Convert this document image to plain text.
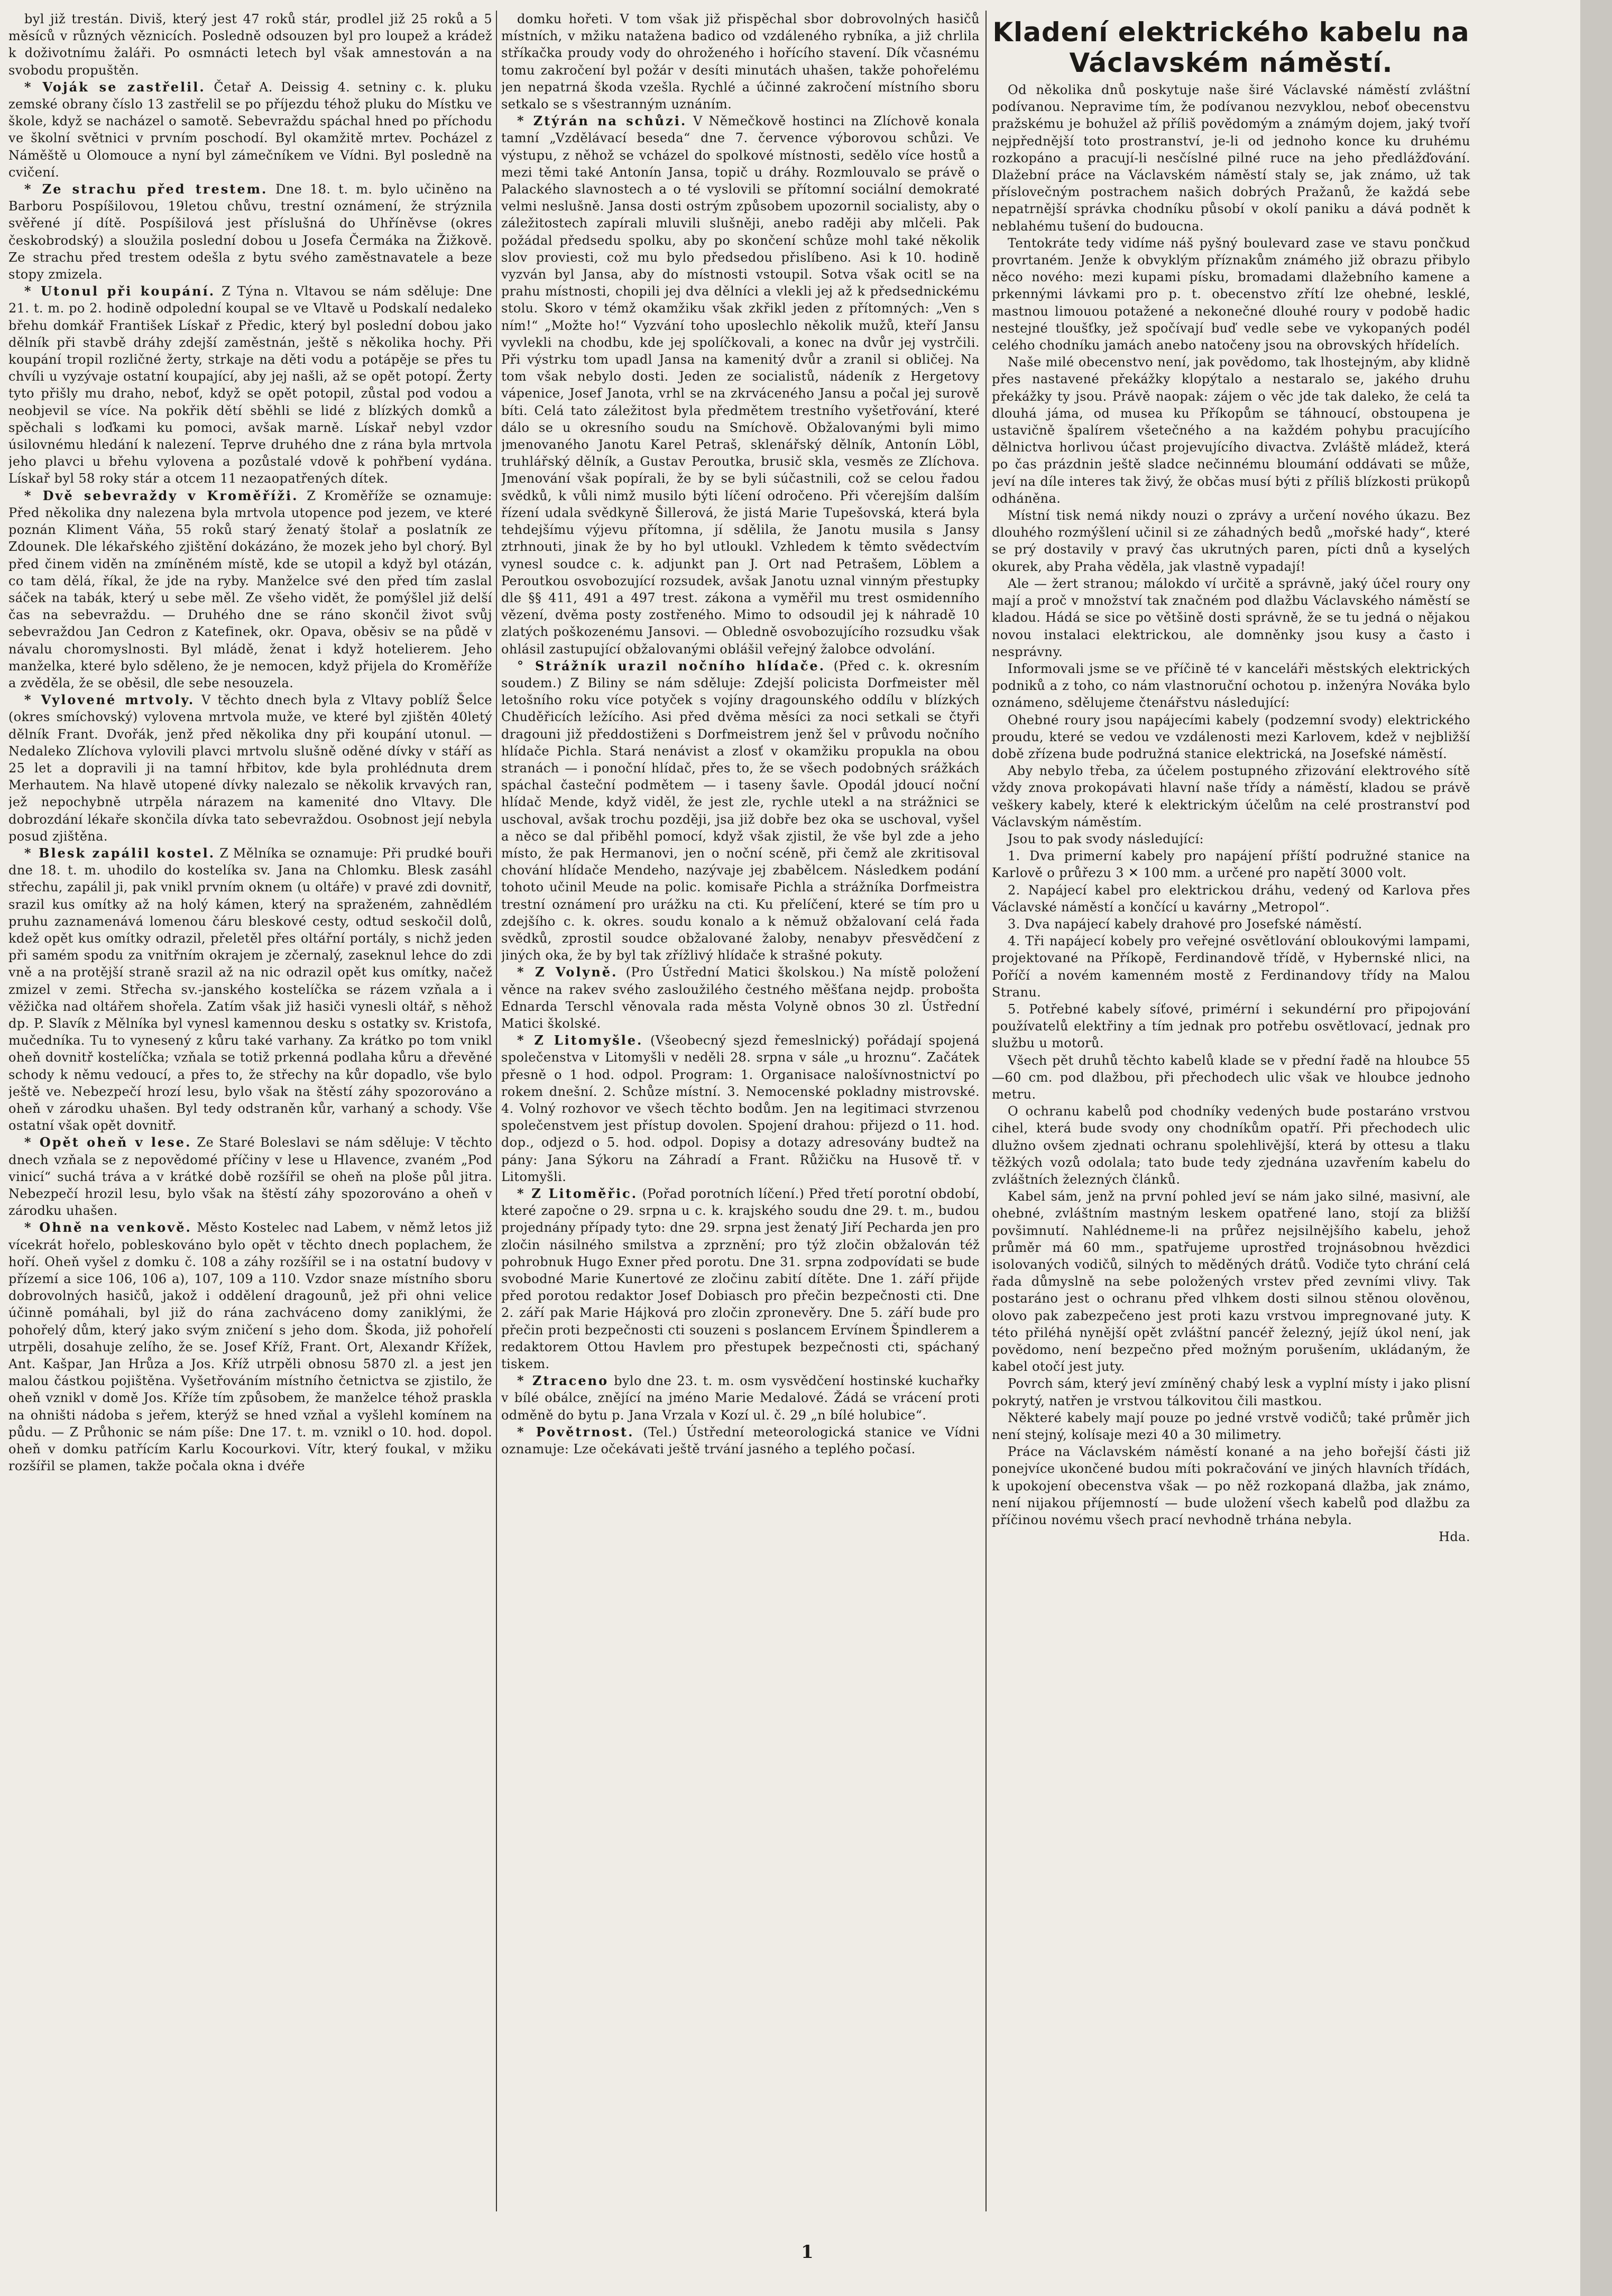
byl již trestán. Diviš, který jest 47 roků stár, prodlel již 25 roků a 5 měsíců v různých věznicích. Posledně odsouzen byl pro loupež a krádež k doživotnímu žaláři. Po osmnácti letech byl však amnestován a na svobodu propuštěn.

* Voják se zastřelil. Četař A. Deissig 4. setniny c. k. pluku zemské obrany číslo 13 zastřelil se po příjezdu téhož pluku do Místku ve škole, když se nacházel o samotě. Sebevraždu spáchal hned po příchodu ve školní světnici v prvním poschodí. Byl okamžitě mrtev. Pocházel z Náměště u Olomouce a nyní byl zámečníkem ve Vídni. Byl posledně na cvičení.

* Ze strachu před trestem. Dne 18. t. m. bylo učiněno na Barboru Pospíšilovou, 19letou chůvu, trestní oznámení, že strýznila svěřené jí dítě. Pospíšilová jest příslušná do Uhříněvse (okres českobrodský) a sloužila poslední dobou u Josefa Čermáka na Žižkově. Ze strachu před trestem odešla z bytu svého zaměstnavatele a beze stopy zmizela.

* Utonul při koupání. Z Týna n. Vltavou se nám sděluje: Dne 21. t. m. po 2. hodině odpolední koupal se ve Vltavě u Podskalí nedaleko břehu domkář František Lískař z Předic, který byl poslední dobou jako dělník při stavbě dráhy zdejší zaměstnán, ještě s několika hochy. Při koupání tropil rozličné žerty, strkaje na děti vodu a potápěje se přes tu chvíli u vyzývaje ostatní koupající, aby jej našli, až se opět potopí. Žerty tyto přišly mu draho, neboť, když se opět potopil, zůstal pod vodou a neobjevil se více. Na pokřik dětí sběhli se lidé z blízkých domků a spěchali s loďkami ku pomoci, avšak marně. Lískař nebyl vzdor úsilovnému hledání k nalezení. Teprve druhého dne z rána byla mrtvola jeho plavci u břehu vylovena a pozůstalé vdově k pohřbení vydána. Lískař byl 58 roky stár a otcem 11 nezaopatřených dítek.

* Dvě sebevraždy v Kroměříži. Z Kroměříže se oznamuje: Před několika dny nalezena byla mrtvola utopence pod jezem, ve které poznán Kliment Váňa, 55 roků starý ženatý štolař a poslatník ze Zdounek. Dle lékařského zjištění dokázáno, že mozek jeho byl chorý. Byl před činem viděn na zmíněném místě, kde se utopil a když byl otázán, co tam dělá, říkal, že jde na ryby. Manželce své den před tím zaslal sáček na tabák, který u sebe měl. Ze všeho vidět, že pomýšlel již delší čas na sebevraždu. — Druhého dne se ráno skončil život svůj sebevraždou Jan Cedron z Katefinek, okr. Opava, oběsiv se na půdě v návalu choromyslnosti. Byl mládě, ženat i když hotelierem. Jeho manželka, které bylo sděleno, že je nemocen, když přijela do Kroměříže a zvěděla, že se oběsil, dle sebe nesouzela.

* Vylovené mrtvoly. V těchto dnech byla z Vltavy poblíž Šelce (okres smíchovský) vylovena mrtvola muže, ve které byl zjištěn 40letý dělník Frant. Dvořák, jenž před několika dny při koupání utonul. — Nedaleko Zlíchova vylovili plavci mrtvolu slušně oděné dívky v stáří as 25 let a dopravili ji na tamní hřbitov, kde byla prohlédnuta drem Merhautem. Na hlavě utopené dívky nalezalo se několik krvavých ran, jež nepochybně utrpěla nárazem na kamenité dno Vltavy. Dle dobrozdání lékaře skončila dívka tato sebevraždou. Osobnost její nebyla posud zjištěna.

* Blesk zapálil kostel. Z Mělníka se oznamuje: Při prudké bouři dne 18. t. m. uhodilo do kostelíka sv. Jana na Chlomku. Blesk zasáhl střechu, zapálil ji, pak vnikl prvním oknem (u oltáře) v pravé zdi dovnitř, srazil kus omítky až na holý kámen, který na spraženém, zahnědlém pruhu zaznamenává lomenou čáru bleskové cesty, odtud seskočil dolů, kdež opět kus omítky odrazil, přeletěl přes oltářní portály, s nichž jeden při samém spodu za vnitřním okrajem je zčernalý, zaseknul lehce do zdi vně a na protější straně srazil až na nic odrazil opět kus omítky, načež zmizel v zemi. Střecha sv.-janského kostelíčka se rázem vzňala a i věžička nad oltářem shořela. Zatím však již hasiči vynesli oltář, s něhož dp. P. Slavík z Mělníka byl vynesl kamennou desku s ostatky sv. Kristofa, mučedníka. Tu to vynesený z kůru také varhany. Za krátko po tom vnikl oheň dovnitř kostelíčka; vzňala se totiž prkenná podlaha kůru a dřevěné schody k němu vedoucí, a přes to, že střechy na kůr dopadlo, vše bylo ještě ve. Nebezpečí hrozí lesu, bylo však na štěstí záhy spozorováno a oheň v zárodku uhašen. Byl tedy odstraněn kůr, varhaný a schody. Vše ostatní však opět dovnitř.

* Opět oheň v lese. Ze Staré Boleslavi se nám sděluje: V těchto dnech vzňala se z nepovědomé příčiny v lese u Hlavence, zvaném „Pod vinicí“ suchá tráva a v krátké době rozšířil se oheň na ploše půl jitra. Nebezpečí hrozil lesu, bylo však na štěstí záhy spozorováno a oheň v zárodku uhašen.

* Ohně na venkově. Město Kostelec nad Labem, v němž letos již vícekrát hořelo, pobleskováno bylo opět v těchto dnech poplachem, že hoří. Oheň vyšel z domku č. 108 a záhy rozšířil se i na ostatní budovy v přízemí a sice 106, 106 a), 107, 109 a 110. Vzdor snaze místního sboru dobrovolných hasičů, jakož i oddělení dragounů, jež při ohni velice účinně pomáhali, byl již do rána zachváceno domy zaniklými, že pohořelý dům, který jako svým zničení s jeho dom. Škoda, již pohořelí utrpěli, dosahuje zelího, že se. Josef Kříž, Frant. Ort, Alexandr Křížek, Ant. Kašpar, Jan Hrůza a Jos. Kříž utrpěli obnosu 5870 zl. a jest jen malou částkou pojištěna. Vyšetřováním místního četnictva se zjistilo, že oheň vznikl v domě Jos. Kříže tím způsobem, že manželce téhož praskla na ohništi nádoba s jeřem, kterýž se hned vzňal a vyšlehl komínem na půdu. — Z Průhonic se nám píše: Dne 17. t. m. vznikl o 10. hod. dopol. oheň v domku patřícím Karlu Kocourkovi. Vítr, který foukal, v mžiku rozšířil se plamen, takže počala okna i dvéře

domku hořeti. V tom však již přispěchal sbor dobrovolných hasičů místních, v mžiku natažena badico od vzdáleného rybníka, a již chrlila stříkačka proudy vody do ohroženého i hořícího stavení. Dík včasnému tomu zakročení byl požár v desíti minutách uhašen, takže pohořelému jen nepatrná škoda vzešla. Rychlé a účinné zakročení místního sboru setkalo se s všestranným uznáním.

* Ztýrán na schůzi. V Němečkově hostinci na Zlíchově konala tamní „Vzdělávací beseda“ dne 7. července výborovou schůzi. Ve výstupu, z něhož se vcházel do spolkové místnosti, sedělo více hostů a mezi těmi také Antonín Jansa, topič u dráhy. Rozmlouvalo se právě o Palackého slavnostech a o té vyslovili se přítomní sociální demokraté velmi neslušně. Jansa dosti ostrým způsobem upozornil socialisty, aby o záležitostech zapírali mluvili slušněji, anebo raději aby mlčeli. Pak požádal předsedu spolku, aby po skončení schůze mohl také několik slov proviesti, což mu bylo předsedou přislíbeno. Asi k 10. hodině vyzván byl Jansa, aby do místnosti vstoupil. Sotva však ocitl se na prahu místnosti, chopili jej dva dělníci a vlekli jej až k předsednickému stolu. Skoro v témž okamžiku však zkřikl jeden z přítomných: „Ven s ním!“ „Možte ho!“ Vyzvání toho uposlechlo několik mužů, kteří Jansu vyvlekli na chodbu, kde jej spolíčkovali, a konec na dvůr jej vystrčili. Při výstrku tom upadl Jansa na kamenitý dvůr a zranil si obličej. Na tom však nebylo dosti. Jeden ze socialistů, nádeník z Hergetovy vápenice, Josef Janota, vrhl se na zkrváceného Jansu a počal jej surově bíti. Celá tato záležitost byla předmětem trestního vyšetřování, které dálo se u okresního soudu na Smíchově. Obžalovanými byli mimo jmenovaného Janotu Karel Petrаš, sklenářský dělník, Antonín Löbl, truhlářský dělník, a Gustav Peroutka, brusič skla, vesměs ze Zlíchova. Jmenování však popírali, že by se byli súčastnili, což se celou řadou svědků, k vůli nimž musilo býti líčení odročeno. Při včerejším dalším řízení udala svědkyně Šillerová, že jistá Marie Tupešovská, která byla tehdejšímu výjevu přítomna, jí sdělila, že Janotu musila s Jansy ztrhnouti, jinak že by ho byl utloukl. Vzhledem k těmto svědectvím vynesl soudce c. k. adjunkt pan J. Ort nad Petrašem, Löblem a Peroutkou osvobozující rozsudek, avšak Janotu uznal vinným přestupky dle §§ 411, 491 a 497 trest. zákona a vyměřil mu trest osmidenního vězení, dvěma posty zostřeného. Mimo to odsoudil jej k náhradě 10 zlatých poškozenému Jansovi. — Obledně osvobozujícího rozsudku však ohlásil zastupující obžalovanými oblášil veřejný žalobce odvolání.

° Strážník urazil nočního hlídače. (Před c. k. okresním soudem.) Z Biliny se nám sděluje: Zdejší policista Dorfmeister měl letošního roku více potyček s vojíny dragounského oddílu v blízkých Chuděřicích ležícího. Asi před dvěma měsíci za noci setkali se čtyři dragouni již předdostiženi s Dorfmeistrem jenž šel v průvodu nočního hlídače Pichla. Stará nenávist a zlosť v okamžiku propukla na obou stranách — i ponoční hlídač, přes to, že se všech podobných srážkách spáchal časteční podmětem — i taseny šavle. Opodál jdoucí noční hlídač Mende, když viděl, že jest zle, rychle utekl a na strážnici se uschoval, avšak trochu později, jsa již dobře bez oka se uschoval, vyšel a něco se dal přiběhl pomocí, když však zjistil, že vše byl zde a jeho místo, že pak Hermanovi, jen o noční scéně, při čemž ale zkritisoval chování hlídače Mendeho, nazývaje jej zbabělcem. Následkem podání tohoto učinil Meude na polic. komisaře Pichla a strážníka Dorfmeistra trestní oznámení pro urážku na cti. Ku přelíčení, které se tím pro u zdejšího c. k. okres. soudu konalo a k němuž obžalovaní celá řada svědků, zprostil soudce obžalované žaloby, nenabyv přesvědčení z jiných oka, že by byl tak zřížlivý hlídače k strašné pokuty.

* Z Volyně. (Pro Ústřední Matici školskou.) Na místě položení věnce na rakev svého zasloužilého čestného měšťana nejdp. probošta Ednarda Terschl věnovala rada města Volyně obnos 30 zl. Ústřední Matici školské.

* Z Litomyšle. (Všeobecný sjezd řemeslnický) pořádají spojená společenstva v Litomyšli v neděli 28. srpna v sále „u hroznu“. Začátek přesně o 1 hod. odpol. Program: 1. Organisace nalošívnostnictví po rokem dnešní. 2. Schůze místní. 3. Nemocenské pokladny mistrovské. 4. Volný rozhovor ve všech těchto bodům. Jen na legitimaci stvrzenou společenstvem jest přístup dovolen. Spojení drahou: přijezd o 11. hod. dop., odjezd o 5. hod. odpol. Dopisy a dotazy adresovány budtež na pány: Jana Sýkoru na Záhradí a Frant. Růžičku na Husově tř. v Litomyšli.

* Z Litoměřic. (Pořad porotních líčení.) Před třetí porotní období, které započne o 29. srpna u c. k. krajského soudu dne 29. t. m., budou projednány případy tyto: dne 29. srpna jest ženatý Jiří Pecharda jen pro zločin násilného smilstva a zprznění; pro týž zločin obžalován též pohrobnuk Hugo Exner před porotu. Dne 31. srpna zodpovídati se bude svobodné Marie Kunertové ze zločinu zabití dítěte. Dne 1. září přijde před porotou redaktor Josef Dobiasch pro přečin bezpečnosti cti. Dne 2. září pak Marie Hájková pro zločin zpronevěry. Dne 5. září bude pro přečin proti bezpečnosti cti souzeni s poslancem Ervínem Špindlerem a redaktorem Ottou Havlem pro přestupek bezpečnosti cti, spáchaný tiskem.

* Ztraceno bylo dne 23. t. m. osm vysvědčení hostinské kuchařky v bílé obálce, znějící na jméno Marie Medalové. Žádá se vrácení proti odměně do bytu p. Jana Vrzala v Kozí ul. č. 29 „n bílé holubice“.

* Povětrnost. (Tel.) Ústřední meteorologická stanice ve Vídni oznamuje: Lze očekávati ještě trvání jasného a teplého počasí.

Kladení elektrického kabelu na Václavském náměstí.

Od několika dnů poskytuje naše širé Václavské náměstí zvláštní podívanou. Nepravime tím, že podívanou nezvyklou, neboť obecenstvu pražskému je bohužel až příliš povědomým a známým dojem, jaký tvoří nejpřednější toto prostranství, je-li od jednoho konce ku druhému rozkopáno a pracují-li nesčíslné pilné ruce na jeho předlážďování. Dlažební práce na Václavském náměstí staly se, jak známo, už tak příslovečným postrachem našich dobrých Pražanů, že každá sebe nepatrnější správka chodníku působí v okolí paniku a dává podnět k neblahému tušení do budoucna.

Tentokráte tedy vidíme náš pyšný boulevard zase ve stavu pončkud provrtaném. Jenže k obvyklým příznakům známého již obrazu přibylo něco nového: mezi kupami písku, bromadami dlažebního kamene a prkennými lávkami pro p. t. obecenstvo zřítí lze ohebné, lesklé, mastnou limouou potažené a nekonečné dlouhé roury v podobě hadic nestejné tloušťky, jež spočívají buď vedle sebe ve vykopaných podél celého chodníku jamách anebo natočeny jsou na obrovských hřídelích.

Naše milé obecenstvo není, jak povědomo, tak lhostejným, aby klidně přes nastavené překážky klopýtalo a nestaralo se, jakého druhu překážky ty jsou. Právě naopak: zájem o věc jde tak daleko, že celá ta dlouhá jáma, od musea ku Příkopům se táhnoucí, obstoupena je ustavičně špalírem všetečného a na každém pohybu pracujícího dělnictva horlivou účast projevujícího divactva. Zvláště mládež, která po čas prázdnin ještě sladce nečinnému bloumání oddávati se může, jeví na díle interes tak živý, že občas musí býti z příliš blízkosti prükopů odháněna.

Místní tisk nemá nikdy nouzi o zprávy a určení nového úkazu. Bez dlouhého rozmýšlení učinil si ze záhadných bedů „mořské hady“, které se prý dostavily v pravý čas ukrutných paren, pícti dnů a kyselých okurek, aby Praha věděla, jak vlastně vypadají!

Ale — žert stranou; málokdo ví určitě a správně, jaký účel roury ony mají a proč v množství tak značném pod dlažbu Václavského náměstí se kladou. Hádá se sice po většině dosti správně, že se tu jedná o nějakou novou instalaci elektrickou, ale domněnky jsou kusy a často i nesprávny.

Informovali jsme se ve příčině té v kanceláři městských elektrických podniků a z toho, co nám vlastnoruční ochotou p. inženýra Nováka bylo oznámeno, sdělujeme čtenářstvu následující:

Ohebné roury jsou napájecími kabely (podzemní svody) elektrického proudu, které se vedou ve vzdálenosti mezi Karlovem, kdež v nejbližší době zřízena bude podružná stanice elektrická, na Josefské náměstí.

Aby nebylo třeba, za účelem postupného zřizování elektrového sítě vždy znova prokopávati hlavní naše třídy a náměstí, kladou se právě veškery kabely, které k elektrickým účelům na celé prostranství pod Václavským náměstím.

Jsou to pak svody následující:

1. Dva primerní kabely pro napájení příští podružné stanice na Karlově o průřezu 3 ✕ 100 mm. a určené pro napětí 3000 volt.

2. Napájecí kabel pro elektrickou dráhu, vedený od Karlova přes Václavské náměstí a končící u kavárny „Metropol“.

3. Dva napájecí kabely drahové pro Josefské náměstí.

4. Tři napájecí kobely pro veřejné osvětlování obloukovými lampami, projektované na Příkopě, Ferdinandově třídě, v Hybernské nlici, na Poříčí a novém kamenném mostě z Ferdinandovy třídy na Malou Stranu.

5. Potřebné kabely síťové, primérní i sekundérní pro připojování používatelů elektřiny a tím jednak pro potřebu osvětlovací, jednak pro službu u motorů.

Všech pět druhů těchto kabelů klade se v přední řadě na hloubce 55—60 cm. pod dlažbou, při přechodech ulic však ve hloubce jednoho metru.

O ochranu kabelů pod chodníky vedených bude postaráno vrstvou cihel, která bude svody ony chodníkům opatří. Při přechodech ulic dlužno ovšem zjednati ochranu spolehlivější, která by ottesu a tlaku těžkých vozů odolala; tato bude tedy zjednána uzavřením kabelu do zvláštních železných článků.

Kabel sám, jenž na první pohled jeví se nám jako silné, masivní, ale ohebné, zvláštním mastným leskem opatřené lano, stojí za bližší povšimnutí. Nahlédneme-li na průřez nejsilnějšího kabelu, jehož průměr má 60 mm., spatřujeme uprostřed trojnásobnou hvězdici isolovaných vodičů, silných to měděných drátů. Vodiče tyto chrání celá řada důmyslně na sebe položených vrstev před zevními vlivy. Tak postaráno jest o ochranu před vlhkem dosti silnou stěnou olověnou, olovo pak zabezpečeno jest proti kazu vrstvou impregnované juty. K této přiléhá nynější opět zvláštní pancéř železný, jejíž úkol není, jak povědomo, není bezpečno před možným porušením, ukládaným, že kabel otočí jest juty.

Povrch sám, který jeví zmíněný chabý lesk a vyplní místy i jako plisní pokrytý, natřen je vrstvou tálkovitou čili mastkou.

Některé kabely mají pouze po jedné vrstvě vodičů; také průměr jich není stejný, kolísaje mezi 40 a 30 milimetry.

Práce na Václavském náměstí konané a na jeho bořejší části již ponejvíce ukončené budou míti pokračování ve jiných hlavních třídách, k upokojení obecenstva však — po něž rozkopaná dlažba, jak známo, není nijakou příjemností — bude uložení všech kabelů pod dlažbu za příčinou novému všech prací nevhodně trhána nebyla.

Hda.

1
